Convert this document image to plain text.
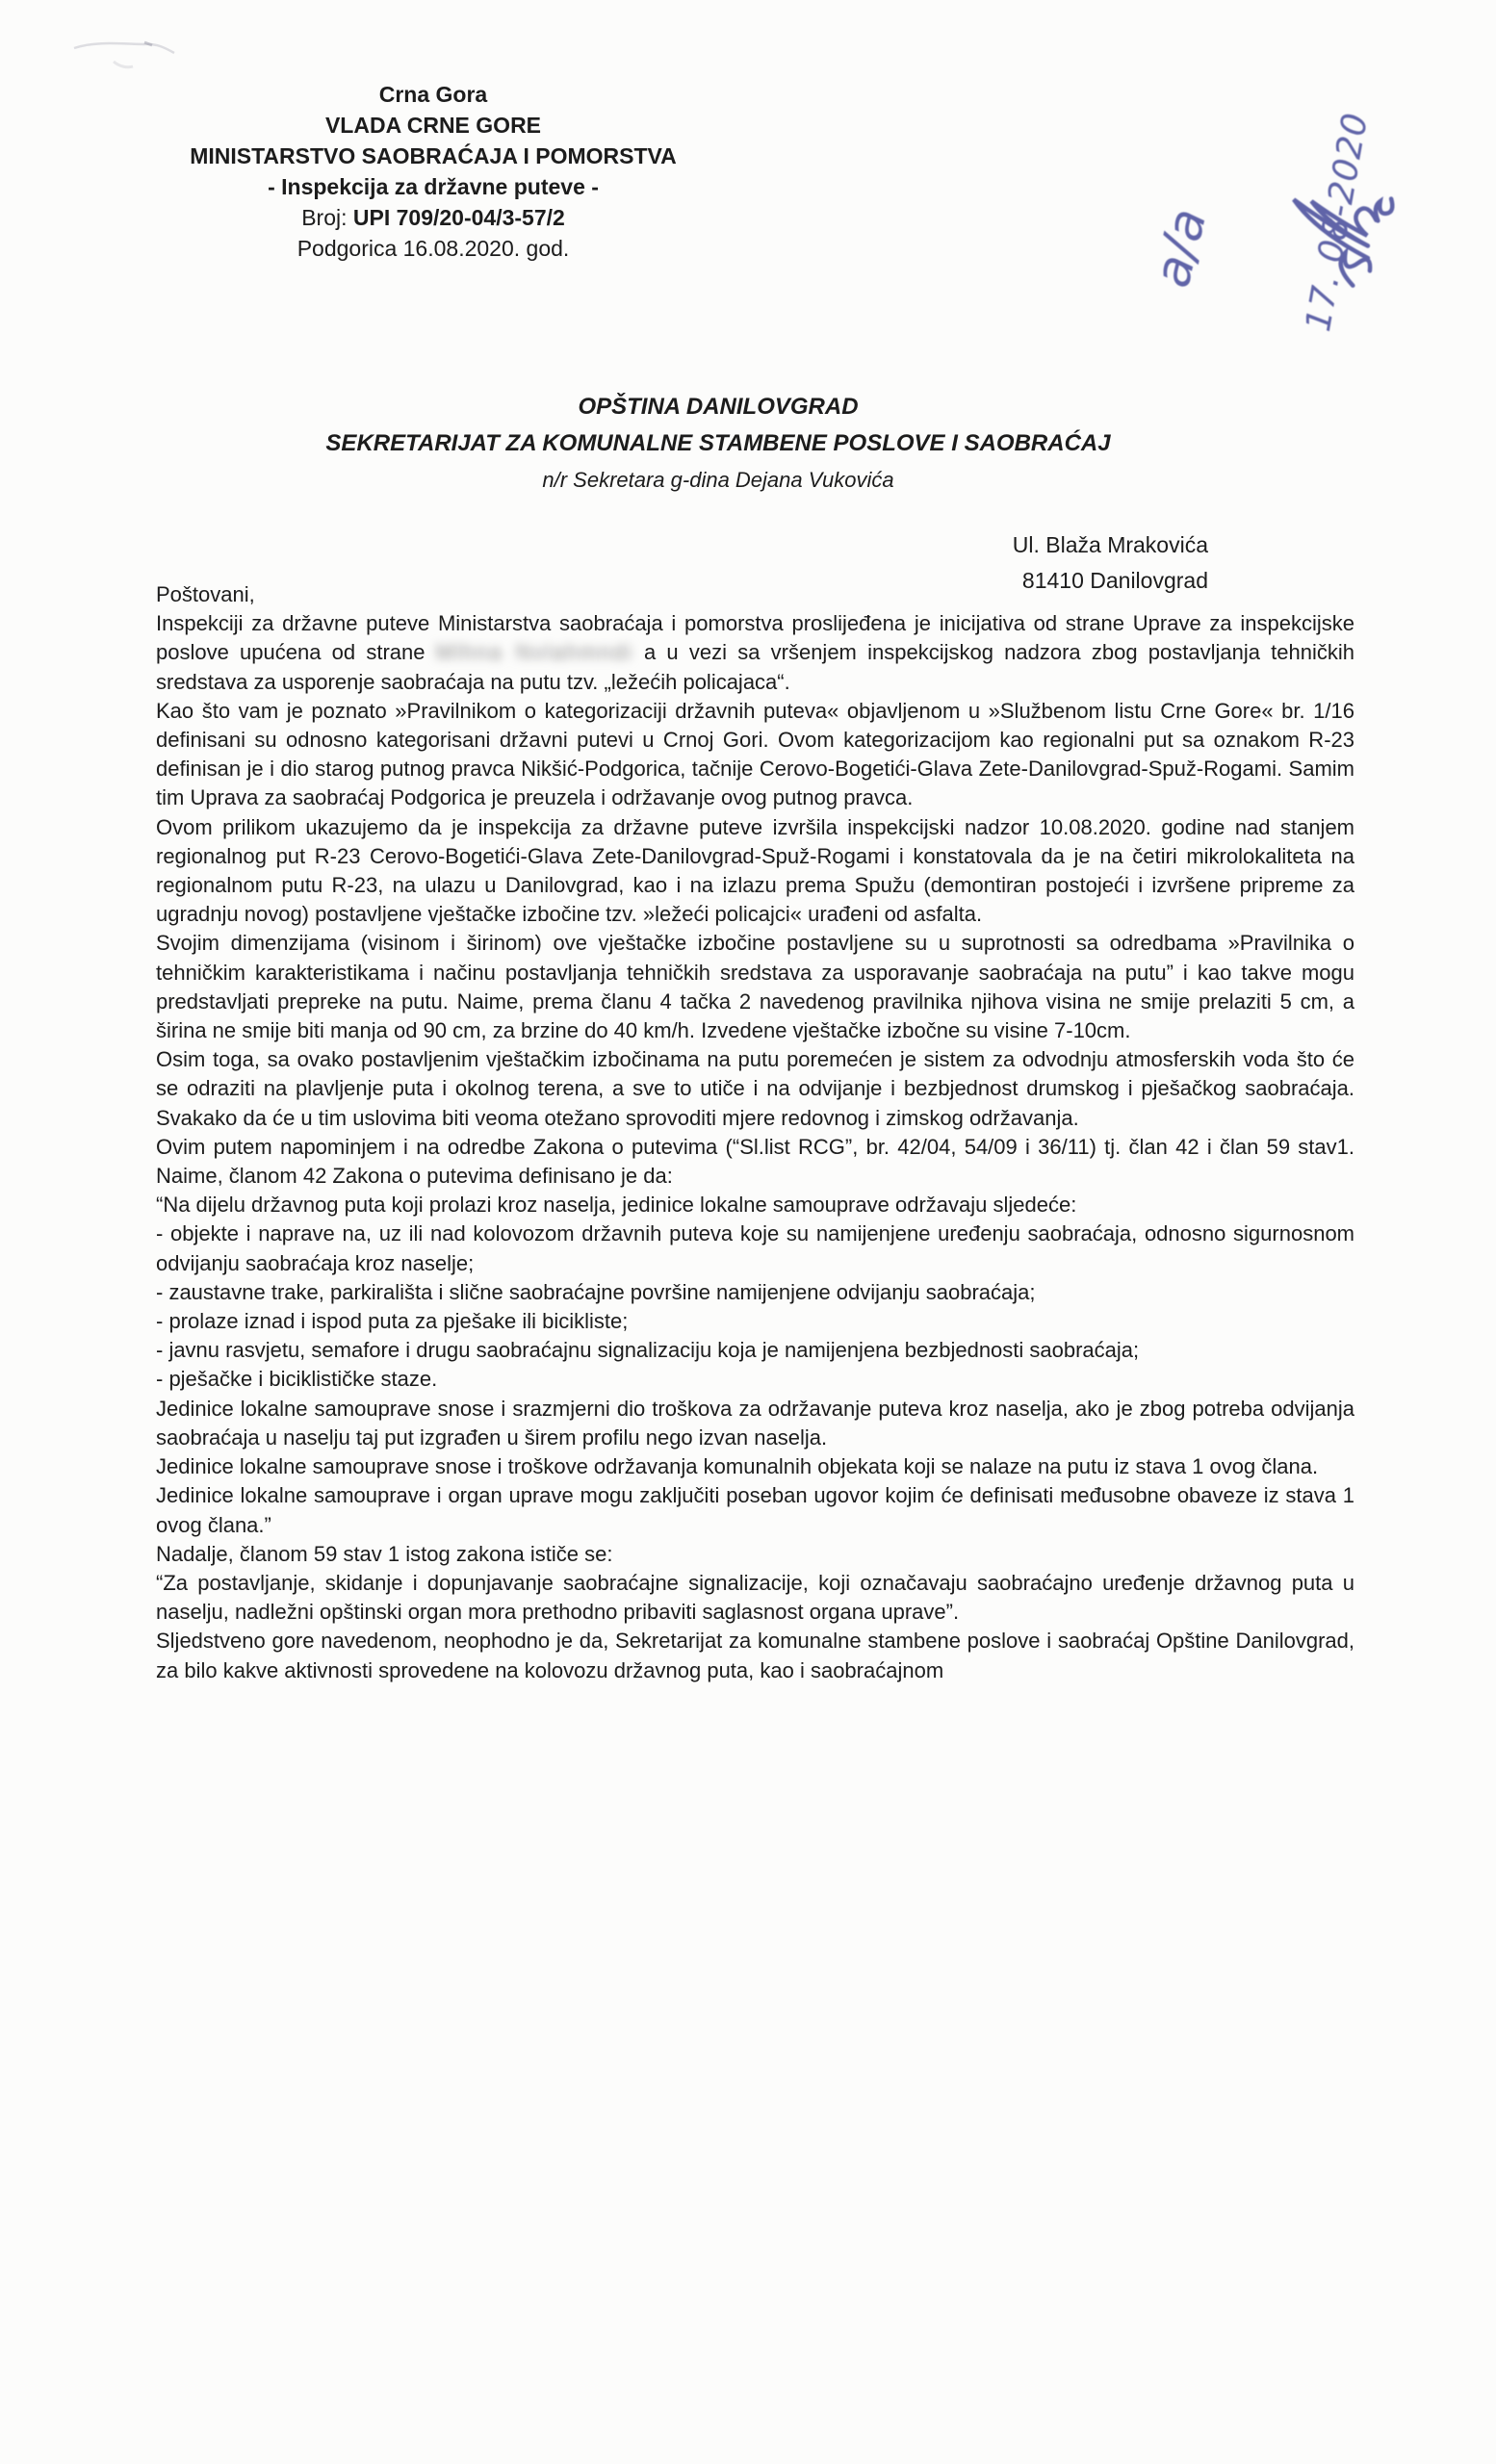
Crna Gora
VLADA CRNE GORE
MINISTARSTVO SAOBRAĆAJA I POMORSTVA
- Inspekcija za državne puteve -
Broj: UPI 709/20-04/3-57/2
Podgorica 16.08.2020. god.	a/a 17. 08-2020
OPŠTINA DANILOVGRAD
SEKRETARIJAT ZA KOMUNALNE STAMBENE POSLOVE I SAOBRAĆAJ
n/r Sekretara g-dina Dejana Vukovića
Ul. Blaža Mrakovića
81410 Danilovgrad

Poštovani,

Inspekciji za državne puteve Ministarstva saobraćaja i pomorstva proslijeđena je inicijativa od strane Uprave za inspekcijske poslove upućena od strane Mlhna Nvlahmndi a u vezi sa vršenjem inspekcijskog nadzora zbog postavljanja tehničkih sredstava za usporenje saobraćaja na putu tzv. „ležećih policajaca“.

Kao što vam je poznato »Pravilnikom o kategorizaciji državnih puteva« objavljenom u »Službenom listu Crne Gore« br. 1/16 definisani su odnosno kategorisani državni putevi u Crnoj Gori. Ovom kategorizacijom kao regionalni put sa oznakom R-23 definisan je i dio starog putnog pravca Nikšić-Podgorica, tačnije Cerovo-Bogetići-Glava Zete-Danilovgrad-Spuž-Rogami. Samim tim Uprava za saobraćaj Podgorica je preuzela i održavanje ovog putnog pravca.

Ovom prilikom ukazujemo da je inspekcija za državne puteve izvršila inspekcijski nadzor 10.08.2020. godine nad stanjem regionalnog put R-23 Cerovo-Bogetići-Glava Zete-Danilovgrad-Spuž-Rogami i konstatovala da je na četiri mikrolokaliteta na regionalnom putu R-23, na ulazu u Danilovgrad, kao i na izlazu prema Spužu (demontiran postojeći i izvršene pripreme za ugradnju novog) postavljene vještačke izbočine tzv. »ležeći policajci« urađeni od asfalta.

Svojim dimenzijama (visinom i širinom) ove vještačke izbočine postavljene su u suprotnosti sa odredbama »Pravilnika o tehničkim karakteristikama i načinu postavljanja tehničkih sredstava za usporavanje saobraćaja na putu” i kao takve mogu predstavljati prepreke na putu. Naime, prema članu 4 tačka 2 navedenog pravilnika njihova visina ne smije prelaziti 5 cm, a širina ne smije biti manja od 90 cm, za brzine do 40 km/h. Izvedene vještačke izbočne su visine 7-10cm.

Osim toga, sa ovako postavljenim vještačkim izbočinama na putu poremećen je sistem za odvodnju atmosferskih voda što će se odraziti na plavljenje puta i okolnog terena, a sve to utiče i na odvijanje i bezbjednost drumskog i pješačkog saobraćaja. Svakako da će u tim uslovima biti veoma otežano sprovoditi mjere redovnog i zimskog održavanja.

Ovim putem napominjem i na odredbe Zakona o putevima (“Sl.list RCG”, br. 42/04, 54/09 i 36/11) tj. član 42 i član 59 stav1. Naime, članom 42 Zakona o putevima definisano je da:

“Na dijelu državnog puta koji prolazi kroz naselja, jedinice lokalne samouprave održavaju sljedeće:

- objekte i naprave na, uz ili nad kolovozom državnih puteva koje su namijenjene uređenju saobraćaja, odnosno sigurnosnom odvijanju saobraćaja kroz naselje;

- zaustavne trake, parkirališta i slične saobraćajne površine namijenjene odvijanju saobraćaja;

- prolaze iznad i ispod puta za pješake ili bicikliste;

- javnu rasvjetu, semafore i drugu saobraćajnu signalizaciju koja je namijenjena bezbjednosti saobraćaja;

- pješačke i biciklističke staze.

Jedinice lokalne samouprave snose i srazmjerni dio troškova za održavanje puteva kroz naselja, ako je zbog potreba odvijanja saobraćaja u naselju taj put izgrađen u širem profilu nego izvan naselja.

Jedinice lokalne samouprave snose i troškove održavanja komunalnih objekata koji se nalaze na putu iz stava 1 ovog člana.

Jedinice lokalne samouprave i organ uprave mogu zaključiti poseban ugovor kojim će definisati međusobne obaveze iz stava 1 ovog člana.”

Nadalje, članom 59 stav 1 istog zakona ističe se:

“Za postavljanje, skidanje i dopunjavanje saobraćajne signalizacije, koji označavaju saobraćajno uređenje državnog puta u naselju, nadležni opštinski organ mora prethodno pribaviti saglasnost organa uprave”.

Sljedstveno gore navedenom, neophodno je da, Sekretarijat za komunalne stambene poslove i saobraćaj Opštine Danilovgrad, za bilo kakve aktivnosti sprovedene na kolovozu državnog puta, kao i saobraćajnom
